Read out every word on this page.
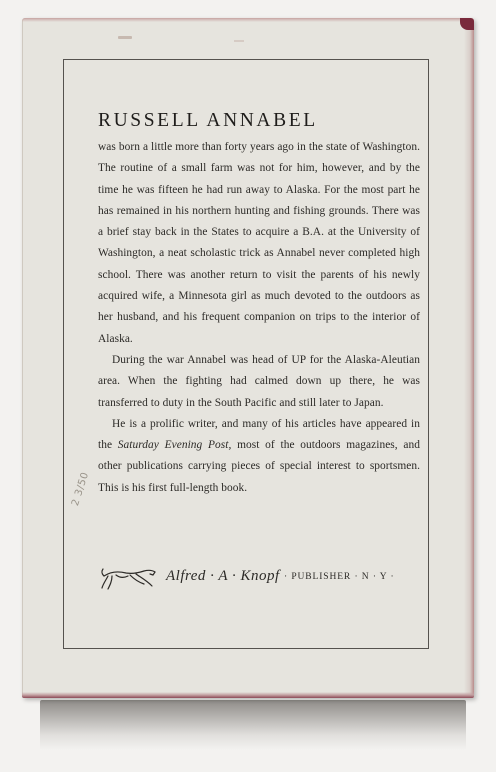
RUSSELL ANNABEL

was born a little more than forty years ago in the state of Washington. The routine of a small farm was not for him, however, and by the time he was fifteen he had run away to Alaska. For the most part he has remained in his northern hunting and fishing grounds. There was a brief stay back in the States to acquire a B.A. at the University of Washington, a neat scholastic trick as Annabel never completed high school. There was another return to visit the parents of his newly acquired wife, a Minnesota girl as much devoted to the outdoors as her husband, and his frequent companion on trips to the interior of Alaska.

During the war Annabel was head of UP for the Alaska-Aleutian area. When the fighting had calmed down up there, he was transferred to duty in the South Pacific and still later to Japan.

He is a prolific writer, and many of his articles have appeared in the Saturday Evening Post, most of the outdoors magazines, and other publications carrying pieces of special interest to sportsmen. This is his first full-length book.

2 3/50
Alfred · A · Knopf · PUBLISHER · N · Y ·
